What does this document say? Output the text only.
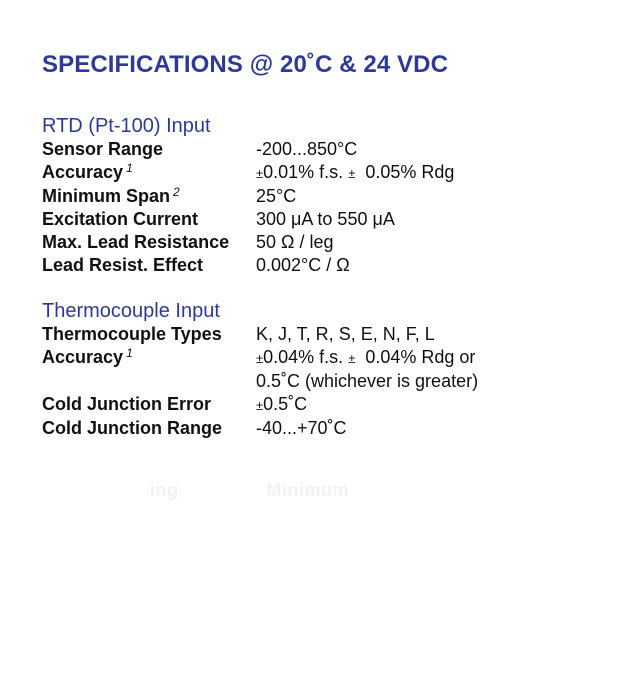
SPECIFICATIONS @ 20˚C & 24 VDC
RTD (Pt-100) Input
Sensor Range	-200...850°C
Accuracy $^1$	±0.01% f.s. ±  0.05% Rdg
Minimum Span $^2$	25°C
Excitation Current	300 μA to 550 μA
Max. Lead Resistance	50 Ω / leg
Lead Resist. Effect	0.002°C / Ω
Thermocouple Input
Thermocouple Types	K, J, T, R, S, E, N, F, L
Accuracy $^1$	±0.04% f.s. ±  0.04% Rdg or
0.5˚C (whichever is greater)
Cold Junction Error	±0.5˚C
Cold Junction Range	-40...+70˚C
ing                Minimum
